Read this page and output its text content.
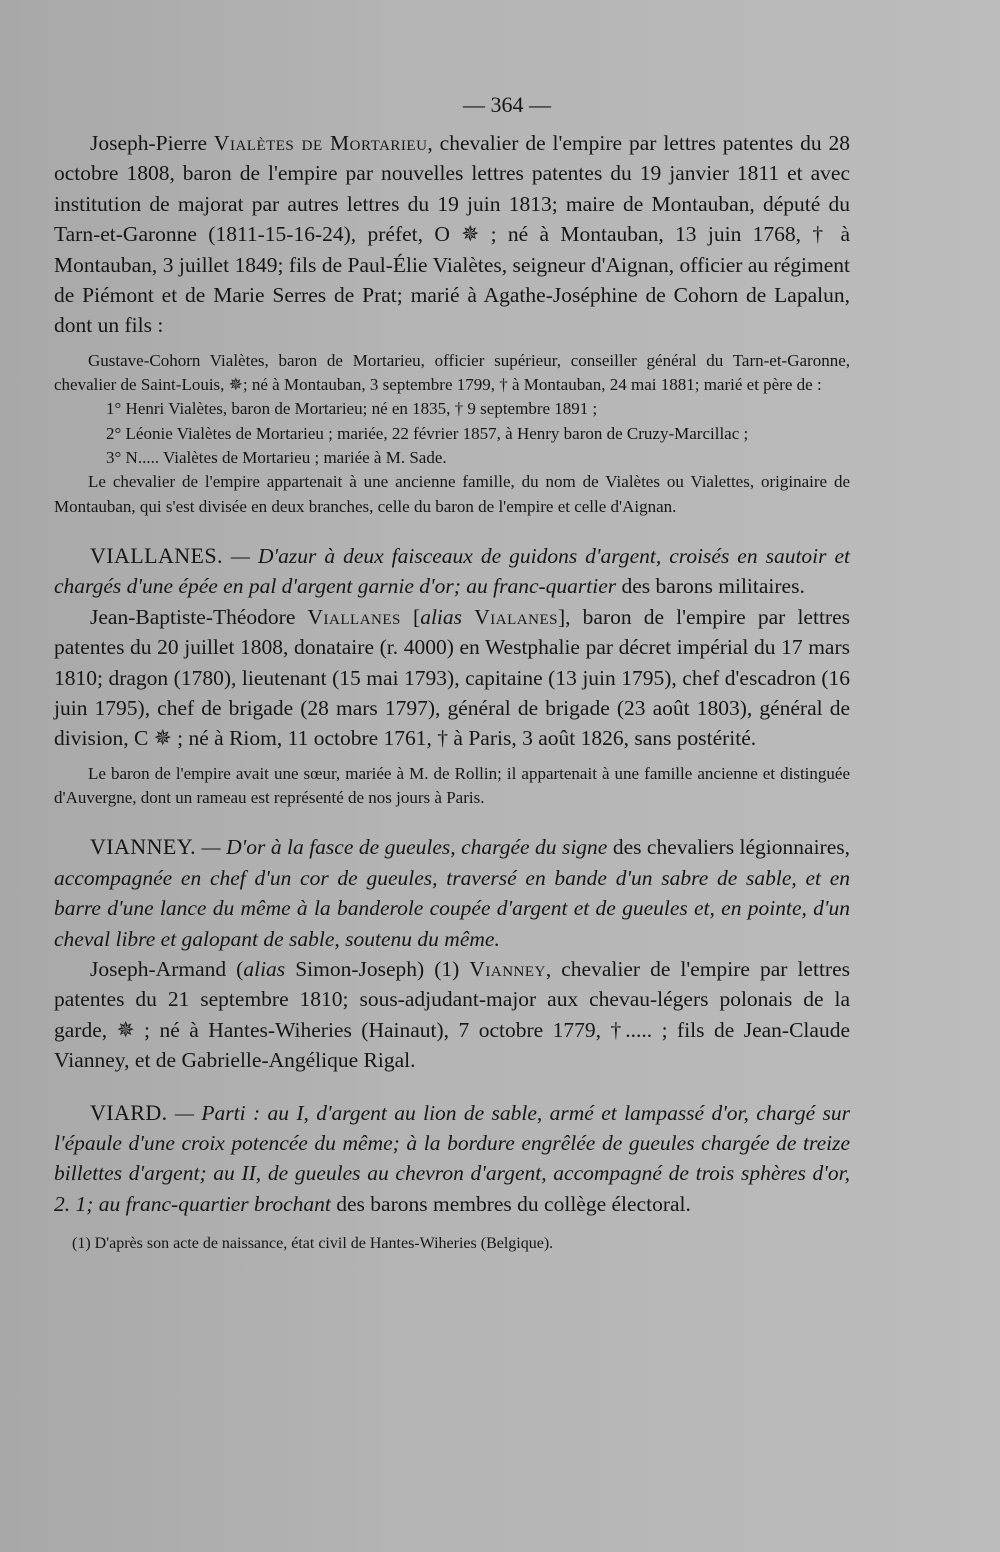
— 364 —

Joseph-Pierre Vialètes de Mortarieu, chevalier de l'empire par lettres patentes du 28 octobre 1808, baron de l'empire par nouvelles lettres patentes du 19 janvier 1811 et avec institution de majorat par autres lettres du 19 juin 1813; maire de Montauban, député du Tarn-et-Garonne (1811-15-16-24), préfet, O ✵ ; né à Montauban, 13 juin 1768, † à Montauban, 3 juillet 1849; fils de Paul-Élie Vialètes, seigneur d'Aignan, officier au régiment de Piémont et de Marie Serres de Prat; marié à Agathe-Joséphine de Cohorn de Lapalun, dont un fils :

Gustave-Cohorn Vialètes, baron de Mortarieu, officier supérieur, conseiller général du Tarn-et-Garonne, chevalier de Saint-Louis, ✵; né à Montauban, 3 septembre 1799, † à Montauban, 24 mai 1881; marié et père de :

1° Henri Vialètes, baron de Mortarieu; né en 1835, † 9 septembre 1891 ;

2° Léonie Vialètes de Mortarieu ; mariée, 22 février 1857, à Henry baron de Cruzy-Marcillac ;

3° N..... Vialètes de Mortarieu ; mariée à M. Sade.

Le chevalier de l'empire appartenait à une ancienne famille, du nom de Vialètes ou Vialettes, originaire de Montauban, qui s'est divisée en deux branches, celle du baron de l'empire et celle d'Aignan.

VIALLANES. — D'azur à deux faisceaux de guidons d'argent, croisés en sautoir et chargés d'une épée en pal d'argent garnie d'or; au franc-quartier des barons militaires.

Jean-Baptiste-Théodore Viallanes [alias Vialanes], baron de l'empire par lettres patentes du 20 juillet 1808, donataire (r. 4000) en Westphalie par décret impérial du 17 mars 1810; dragon (1780), lieutenant (15 mai 1793), capitaine (13 juin 1795), chef d'escadron (16 juin 1795), chef de brigade (28 mars 1797), général de brigade (23 août 1803), général de division, C ✵ ; né à Riom, 11 octobre 1761, † à Paris, 3 août 1826, sans postérité.

Le baron de l'empire avait une sœur, mariée à M. de Rollin; il appartenait à une famille ancienne et distinguée d'Auvergne, dont un rameau est représenté de nos jours à Paris.

VIANNEY. — D'or à la fasce de gueules, chargée du signe des chevaliers légionnaires, accompagnée en chef d'un cor de gueules, traversé en bande d'un sabre de sable, et en barre d'une lance du même à la banderole coupée d'argent et de gueules et, en pointe, d'un cheval libre et galopant de sable, soutenu du même.

Joseph-Armand (alias Simon-Joseph) (1) Vianney, chevalier de l'empire par lettres patentes du 21 septembre 1810; sous-adjudant-major aux chevau-légers polonais de la garde, ✵ ; né à Hantes-Wiheries (Hainaut), 7 octobre 1779, †..... ; fils de Jean-Claude Vianney, et de Gabrielle-Angélique Rigal.

VIARD. — Parti : au I, d'argent au lion de sable, armé et lampassé d'or, chargé sur l'épaule d'une croix potencée du même; à la bordure engrêlée de gueules chargée de treize billettes d'argent; au II, de gueules au chevron d'argent, accompagné de trois sphères d'or, 2. 1; au franc-quartier brochant des barons membres du collège électoral.

(1) D'après son acte de naissance, état civil de Hantes-Wiheries (Belgique).
